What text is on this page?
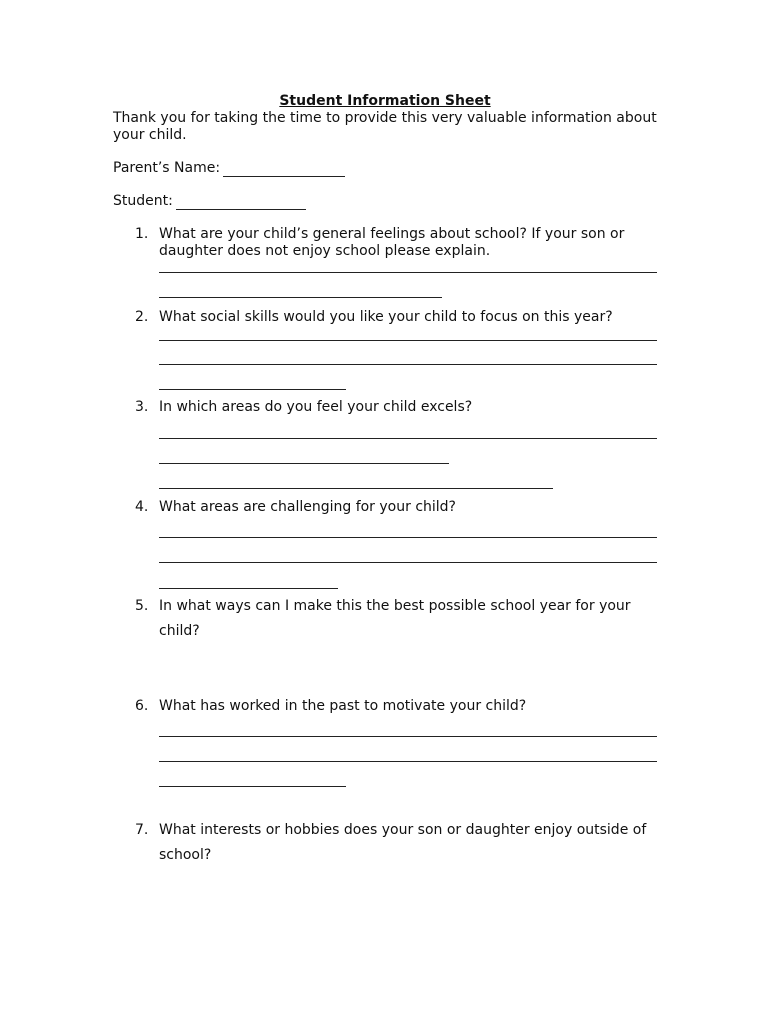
Student Information Sheet
Thank you for taking the time to provide this very valuable information about your child.
Parent’s Name:
Student:
1. What are your child’s general feelings about school? If your son or daughter does not enjoy school please explain.
2. What social skills would you like your child to focus on this year?
3. In which areas do you feel your child excels?
4. What areas are challenging for your child?
5. In what ways can I make this the best possible school year for your child?
6. What has worked in the past to motivate your child?
7. What interests or hobbies does your son or daughter enjoy outside of school?
